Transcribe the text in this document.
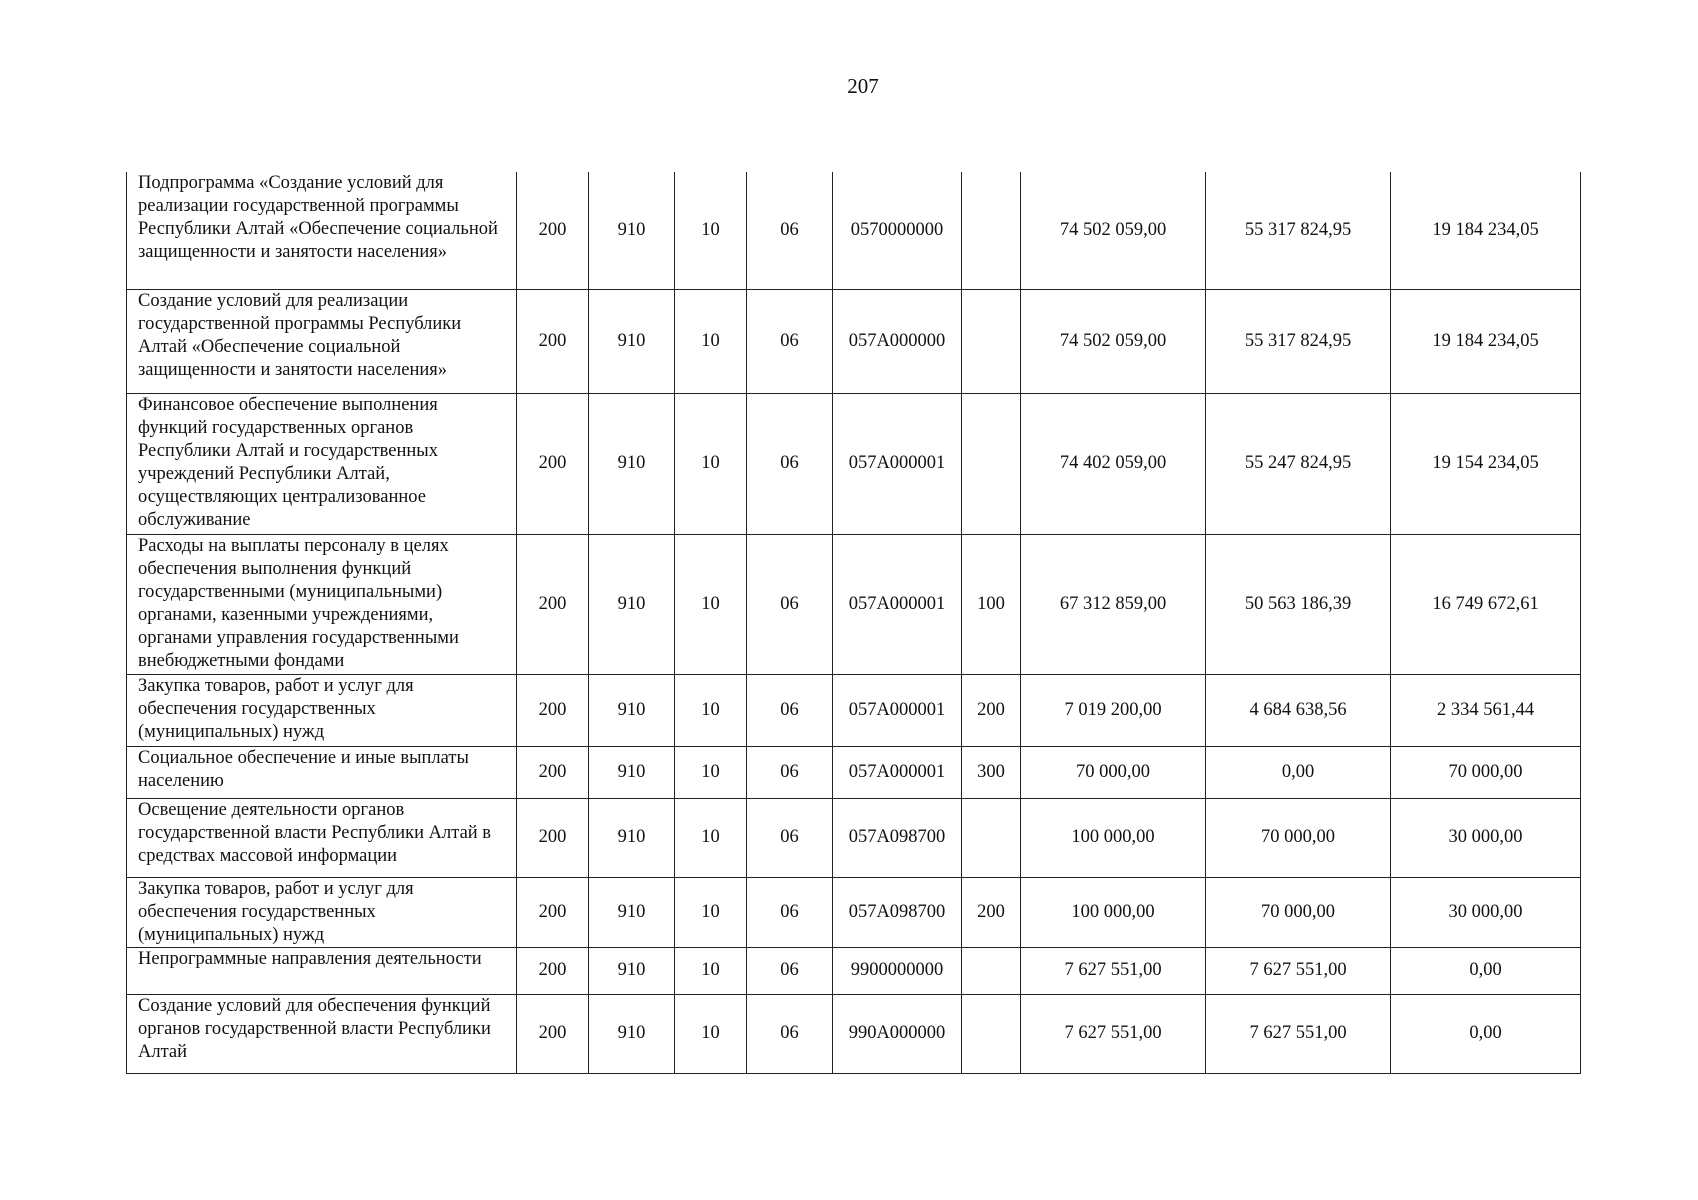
207
Подпрограмма «Создание условий для реализации государственной программы Республики Алтай «Обеспечение социальной защищенности и занятости населения»	200	910	10	06	0570000000		74 502 059,00	55 317 824,95	19 184 234,05
Создание условий для реализации государственной программы Республики Алтай «Обеспечение социальной защищенности и занятости населения»	200	910	10	06	057A000000		74 502 059,00	55 317 824,95	19 184 234,05
Финансовое обеспечение выполнения функций государственных органов Республики Алтай и государственных учреждений Республики Алтай, осуществляющих централизованное обслуживание	200	910	10	06	057A000001		74 402 059,00	55 247 824,95	19 154 234,05
Расходы на выплаты персоналу в целях обеспечения выполнения функций государственными (муниципальными) органами, казенными учреждениями, органами управления государственными внебюджетными фондами	200	910	10	06	057A000001	100	67 312 859,00	50 563 186,39	16 749 672,61
Закупка товаров, работ и услуг для обеспечения государственных (муниципальных) нужд	200	910	10	06	057A000001	200	7 019 200,00	4 684 638,56	2 334 561,44
Социальное обеспечение и иные выплаты населению	200	910	10	06	057A000001	300	70 000,00	0,00	70 000,00
Освещение деятельности органов государственной власти Республики Алтай в средствах массовой информации	200	910	10	06	057A098700		100 000,00	70 000,00	30 000,00
Закупка товаров, работ и услуг для обеспечения государственных (муниципальных) нужд	200	910	10	06	057A098700	200	100 000,00	70 000,00	30 000,00
Непрограммные направления деятельности	200	910	10	06	9900000000		7 627 551,00	7 627 551,00	0,00
Создание условий для обеспечения функций органов государственной власти Республики Алтай	200	910	10	06	990A000000		7 627 551,00	7 627 551,00	0,00
